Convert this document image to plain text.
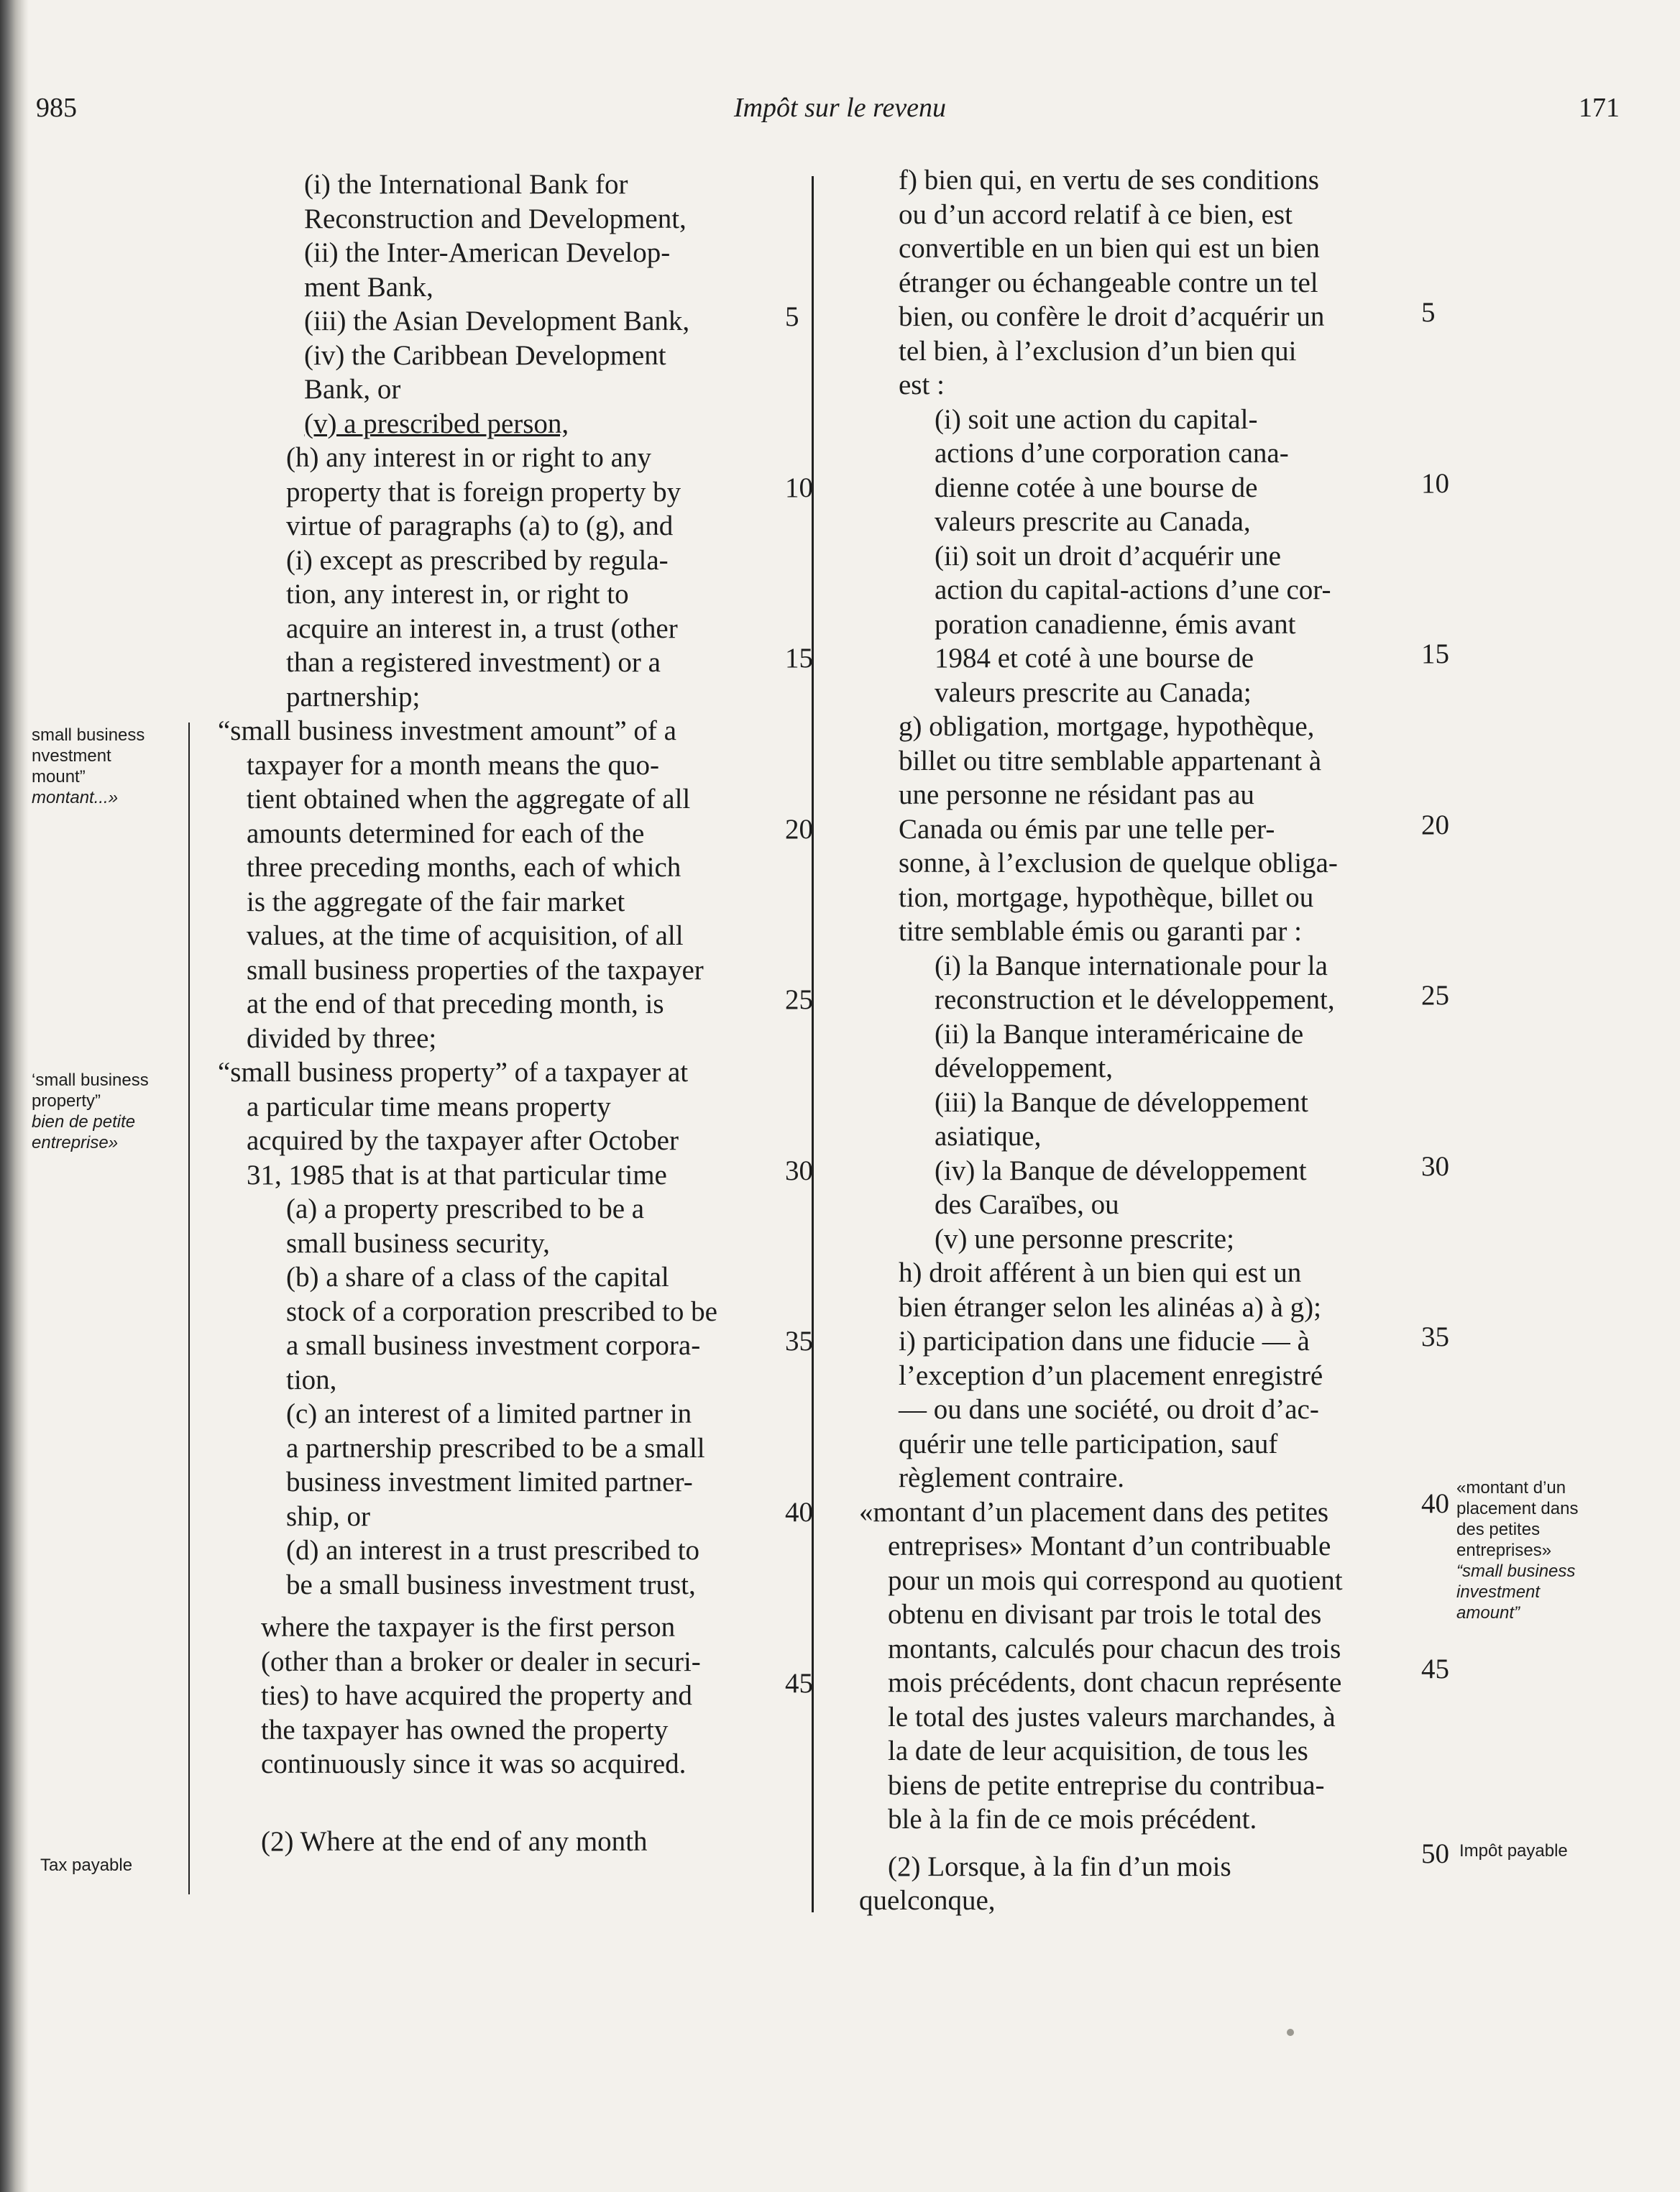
985	Impôt sur le revenu	171
(i) the International Bank for
Reconstruction and Development,
(ii) the Inter-American Develop-
ment Bank,
(iii) the Asian Development Bank,
(iv) the Caribbean Development
Bank, or
(v) a prescribed person,
(h) any interest in or right to any
property that is foreign property by
virtue of paragraphs (a) to (g), and
(i) except as prescribed by regula-
tion, any interest in, or right to
acquire an interest in, a trust (other
than a registered investment) or a
partnership;
“small business investment amount” of a
taxpayer for a month means the quo-
tient obtained when the aggregate of all
amounts determined for each of the
three preceding months, each of which
is the aggregate of the fair market
values, at the time of acquisition, of all
small business properties of the taxpayer
at the end of that preceding month, is
divided by three;
“small business property” of a taxpayer at
a particular time means property
acquired by the taxpayer after October
31, 1985 that is at that particular time
(a) a property prescribed to be a
small business security,
(b) a share of a class of the capital
stock of a corporation prescribed to be
a small business investment corpora-
tion,
(c) an interest of a limited partner in
a partnership prescribed to be a small
business investment limited partner-
ship, or
(d) an interest in a trust prescribed to
be a small business investment trust,
where the taxpayer is the first person
(other than a broker or dealer in securi-
ties) to have acquired the property and
the taxpayer has owned the property
continuously since it was so acquired.
(2) Where at the end of any month
f) bien qui, en vertu de ses conditions
ou d’un accord relatif à ce bien, est
convertible en un bien qui est un bien
étranger ou échangeable contre un tel
bien, ou confère le droit d’acquérir un
tel bien, à l’exclusion d’un bien qui
est :
(i) soit une action du capital-
actions d’une corporation cana-
dienne cotée à une bourse de
valeurs prescrite au Canada,
(ii) soit un droit d’acquérir une
action du capital-actions d’une cor-
poration canadienne, émis avant
1984 et coté à une bourse de
valeurs prescrite au Canada;
g) obligation, mortgage, hypothèque,
billet ou titre semblable appartenant à
une personne ne résidant pas au
Canada ou émis par une telle per-
sonne, à l’exclusion de quelque obliga-
tion, mortgage, hypothèque, billet ou
titre semblable émis ou garanti par :
(i) la Banque internationale pour la
reconstruction et le développement,
(ii) la Banque interaméricaine de
développement,
(iii) la Banque de développement
asiatique,
(iv) la Banque de développement
des Caraïbes, ou
(v) une personne prescrite;
h) droit afférent à un bien qui est un
bien étranger selon les alinéas a) à g);
i) participation dans une fiducie — à
l’exception d’un placement enregistré
— ou dans une société, ou droit d’ac-
quérir une telle participation, sauf
règlement contraire.
«montant d’un placement dans des petites
entreprises» Montant d’un contribuable
pour un mois qui correspond au quotient
obtenu en divisant par trois le total des
montants, calculés pour chacun des trois
mois précédents, dont chacun représente
le total des justes valeurs marchandes, à
la date de leur acquisition, de tous les
biens de petite entreprise du contribua-
ble à la fin de ce mois précédent.
(2) Lorsque, à la fin d’un mois
quelconque,
5
10
15
20
25
30
35
40
45
5
10
15
20
25
30
35
40
45
50
small business
nvestment
mount”
montant...»
‘small business
property”
bien de petite
entreprise»
Tax payable
«montant d’un
placement dans
des petites
entreprises»
“small business
investment
amount”
Impôt payable
